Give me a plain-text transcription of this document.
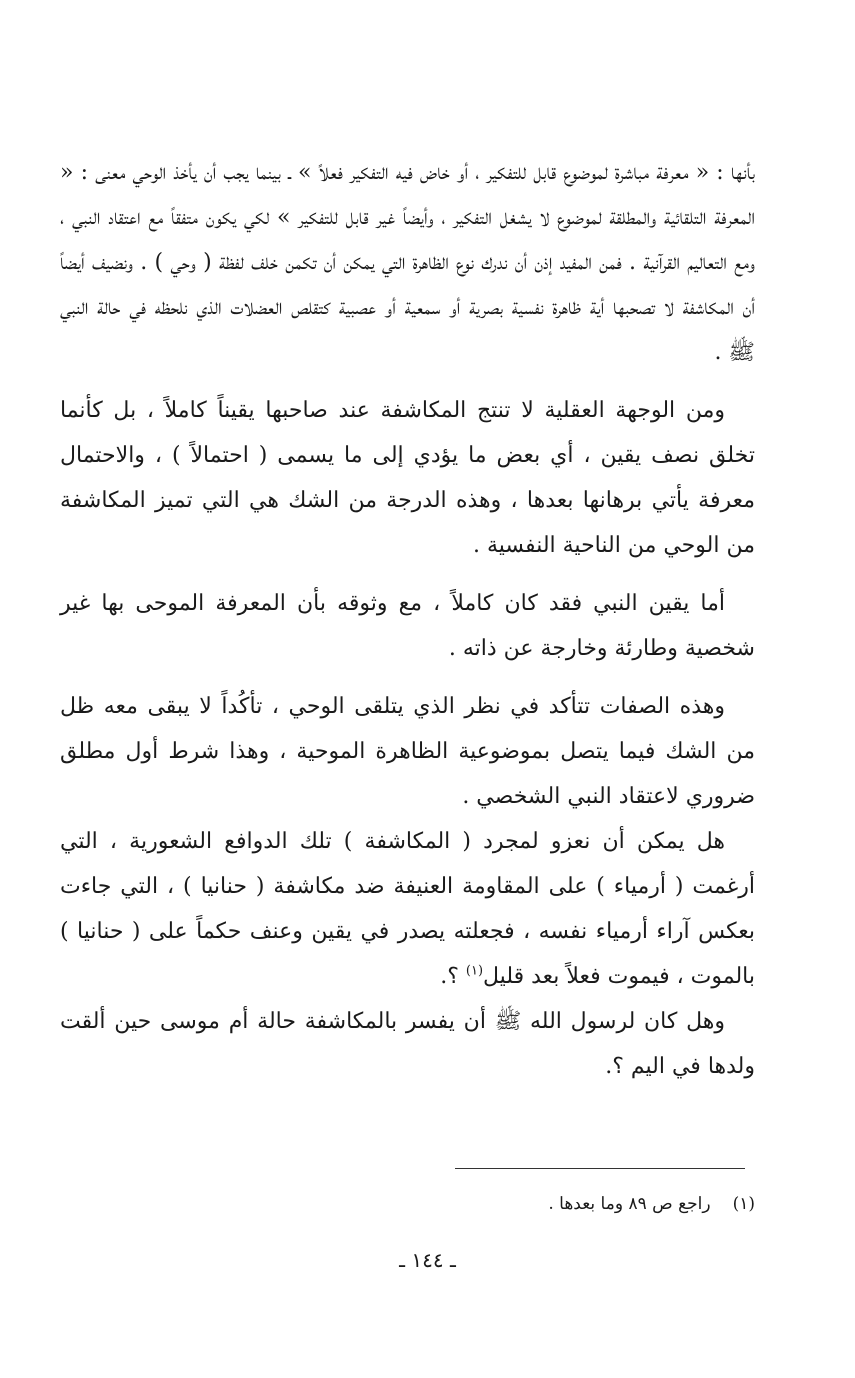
بأنها : « معرفة مباشرة لموضوع قابل للتفكير ، أو خاض فيه التفكير فعلاً » ـ بينما يجب أن يأخذ الوحي معنى : « المعرفة التلقائية والمطلقة لموضوع لا يشغل التفكير ، وأيضاً غير قابل للتفكير » لكي يكون متفقاً مع اعتقاد النبي ، ومع التعاليم القرآنية . فمن المفيد إذن أن ندرك نوع الظاهرة التي يمكن أن تكمن خلف لفظة ( وحي ) . ونضيف أيضاً أن المكاشفة لا تصحبها أية ظاهرة نفسية بصرية أو سمعية أو عصبية كتقلص العضلات الذي نلحظه في حالة النبي ﷺ .

ومن الوجهة العقلية لا تنتج المكاشفة عند صاحبها يقيناً كاملاً ، بل كأنما تخلق نصف يقين ، أي بعض ما يؤدي إلى ما يسمى ( احتمالاً ) ، والاحتمال معرفة يأتي برهانها بعدها ، وهذه الدرجة من الشك هي التي تميز المكاشفة من الوحي من الناحية النفسية .

أما يقين النبي فقد كان كاملاً ، مع وثوقه بأن المعرفة الموحى بها غير شخصية وطارئة وخارجة عن ذاته .

وهذه الصفات تتأكد في نظر الذي يتلقى الوحي ، تأكُداً لا يبقى معه ظل من الشك فيما يتصل بموضوعية الظاهرة الموحية ، وهذا شرط أول مطلق ضروري لاعتقاد النبي الشخصي .

هل يمكن أن نعزو لمجرد ( المكاشفة ) تلك الدوافع الشعورية ، التي أرغمت ( أرمياء ) على المقاومة العنيفة ضد مكاشفة ( حنانيا ) ، التي جاءت بعكس آراء أرمياء نفسه ، فجعلته يصدر في يقين وعنف حكماً على ( حنانيا ) بالموت ، فيموت فعلاً بعد قليل$^{(١)}$ ؟.

وهل كان لرسول الله ﷺ أن يفسر بالمكاشفة حالة أم موسى حين ألقت ولدها في اليم ؟.

(١)راجع ص ٨٩ وما بعدها .
ـ ١٤٤ ـ
